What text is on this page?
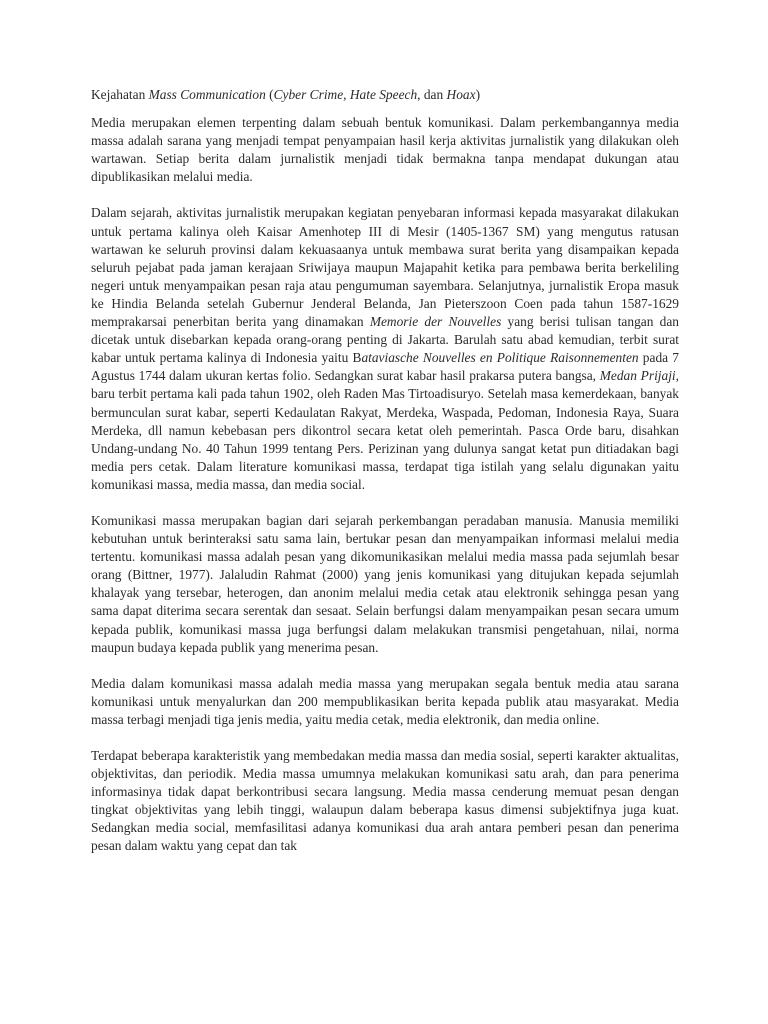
Kejahatan Mass Communication (Cyber Crime, Hate Speech, dan Hoax)

Media merupakan elemen terpenting dalam sebuah bentuk komunikasi. Dalam perkembangannya media massa adalah sarana yang menjadi tempat penyampaian hasil kerja aktivitas jurnalistik yang dilakukan oleh wartawan. Setiap berita dalam jurnalistik menjadi tidak bermakna tanpa mendapat dukungan atau dipublikasikan melalui media.

Dalam sejarah, aktivitas jurnalistik merupakan kegiatan penyebaran informasi kepada masyarakat dilakukan untuk pertama kalinya oleh Kaisar Amenhotep III di Mesir (1405-1367 SM) yang mengutus ratusan wartawan ke seluruh provinsi dalam kekuasaanya untuk membawa surat berita yang disampaikan kepada seluruh pejabat pada jaman kerajaan Sriwijaya maupun Majapahit ketika para pembawa berita berkeliling negeri untuk menyampaikan pesan raja atau pengumuman sayembara. Selanjutnya, jurnalistik Eropa masuk ke Hindia Belanda setelah Gubernur Jenderal Belanda, Jan Pieterszoon Coen pada tahun 1587-1629 memprakarsai penerbitan berita yang dinamakan Memorie der Nouvelles yang berisi tulisan tangan dan dicetak untuk disebarkan kepada orang-orang penting di Jakarta. Barulah satu abad kemudian, terbit surat kabar untuk pertama kalinya di Indonesia yaitu Bataviasche Nouvelles en Politique Raisonnementen pada 7 Agustus 1744 dalam ukuran kertas folio. Sedangkan surat kabar hasil prakarsa putera bangsa, Medan Prijaji, baru terbit pertama kali pada tahun 1902, oleh Raden Mas Tirtoadisuryo. Setelah masa kemerdekaan, banyak bermunculan surat kabar, seperti Kedaulatan Rakyat, Merdeka, Waspada, Pedoman, Indonesia Raya, Suara Merdeka, dll namun kebebasan pers dikontrol secara ketat oleh pemerintah. Pasca Orde baru, disahkan Undang-undang No. 40 Tahun 1999 tentang Pers. Perizinan yang dulunya sangat ketat pun ditiadakan bagi media pers cetak. Dalam literature komunikasi massa, terdapat tiga istilah yang selalu digunakan yaitu komunikasi massa, media massa, dan media social.

Komunikasi massa merupakan bagian dari sejarah perkembangan peradaban manusia. Manusia memiliki kebutuhan untuk berinteraksi satu sama lain, bertukar pesan dan menyampaikan informasi melalui media tertentu. komunikasi massa adalah pesan yang dikomunikasikan melalui media massa pada sejumlah besar orang (Bittner, 1977). Jalaludin Rahmat (2000) yang jenis komunikasi yang ditujukan kepada sejumlah khalayak yang tersebar, heterogen, dan anonim melalui media cetak atau elektronik sehingga pesan yang sama dapat diterima secara serentak dan sesaat. Selain berfungsi dalam menyampaikan pesan secara umum kepada publik, komunikasi massa juga berfungsi dalam melakukan transmisi pengetahuan, nilai, norma maupun budaya kepada publik yang menerima pesan.

Media dalam komunikasi massa adalah media massa yang merupakan segala bentuk media atau sarana komunikasi untuk menyalurkan dan 200 mempublikasikan berita kepada publik atau masyarakat. Media massa terbagi menjadi tiga jenis media, yaitu media cetak, media elektronik, dan media online.

Terdapat beberapa karakteristik yang membedakan media massa dan media sosial, seperti karakter aktualitas, objektivitas, dan periodik. Media massa umumnya melakukan komunikasi satu arah, dan para penerima informasinya tidak dapat berkontribusi secara langsung. Media massa cenderung memuat pesan dengan tingkat objektivitas yang lebih tinggi, walaupun dalam beberapa kasus dimensi subjektifnya juga kuat. Sedangkan media social, memfasilitasi adanya komunikasi dua arah antara pemberi pesan dan penerima pesan dalam waktu yang cepat dan tak
